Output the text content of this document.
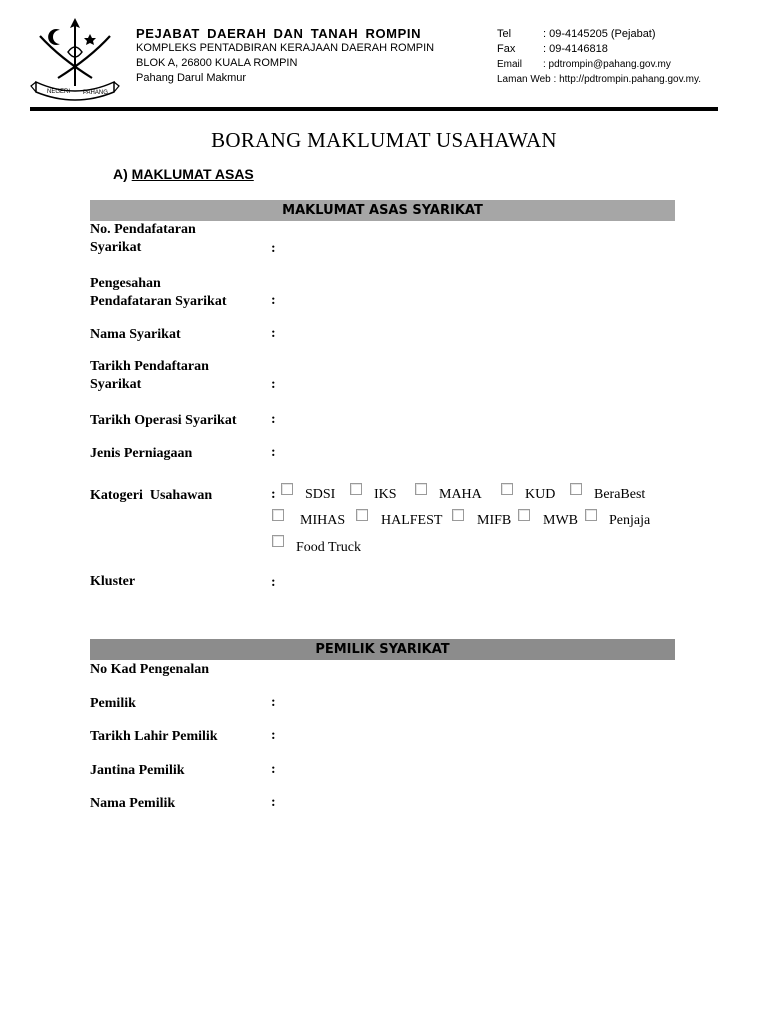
NEGERI PAHANG
PEJABAT DAERAH DAN TANAH ROMPIN
KOMPLEKS PENTADBIRAN KERAJAAN DAERAH ROMPIN
BLOK A, 26800 KUALA ROMPIN
Pahang Darul Makmur
Tel	: 09-4145205 (Pejabat)
Fax	: 09-4146818
Email : pdtrompin@pahang.gov.my
Laman Web : http://pdtrompin.pahang.gov.my.
BORANG MAKLUMAT USAHAWAN
A) MAKLUMAT ASAS
MAKLUMAT ASAS SYARIKAT
No. Pendafataran
Syarikat	:
Pengesahan
Pendafataran Syarikat	:
Nama Syarikat	:
Tarikh Pendaftaran
Syarikat	:
Tarikh Operasi Syarikat :
Jenis Perniagaan	:
Katogeri  Usahawan	: SDSI	IKS	MAHA	KUD	BeraBest
MIHAS	HALFEST MIFB MWB Penjaja
Food Truck
Kluster	:
PEMILIK SYARIKAT
No Kad Pengenalan
Pemilik	:
Tarikh Lahir Pemilik	:
Jantina Pemilik	:
Nama Pemilik	:
